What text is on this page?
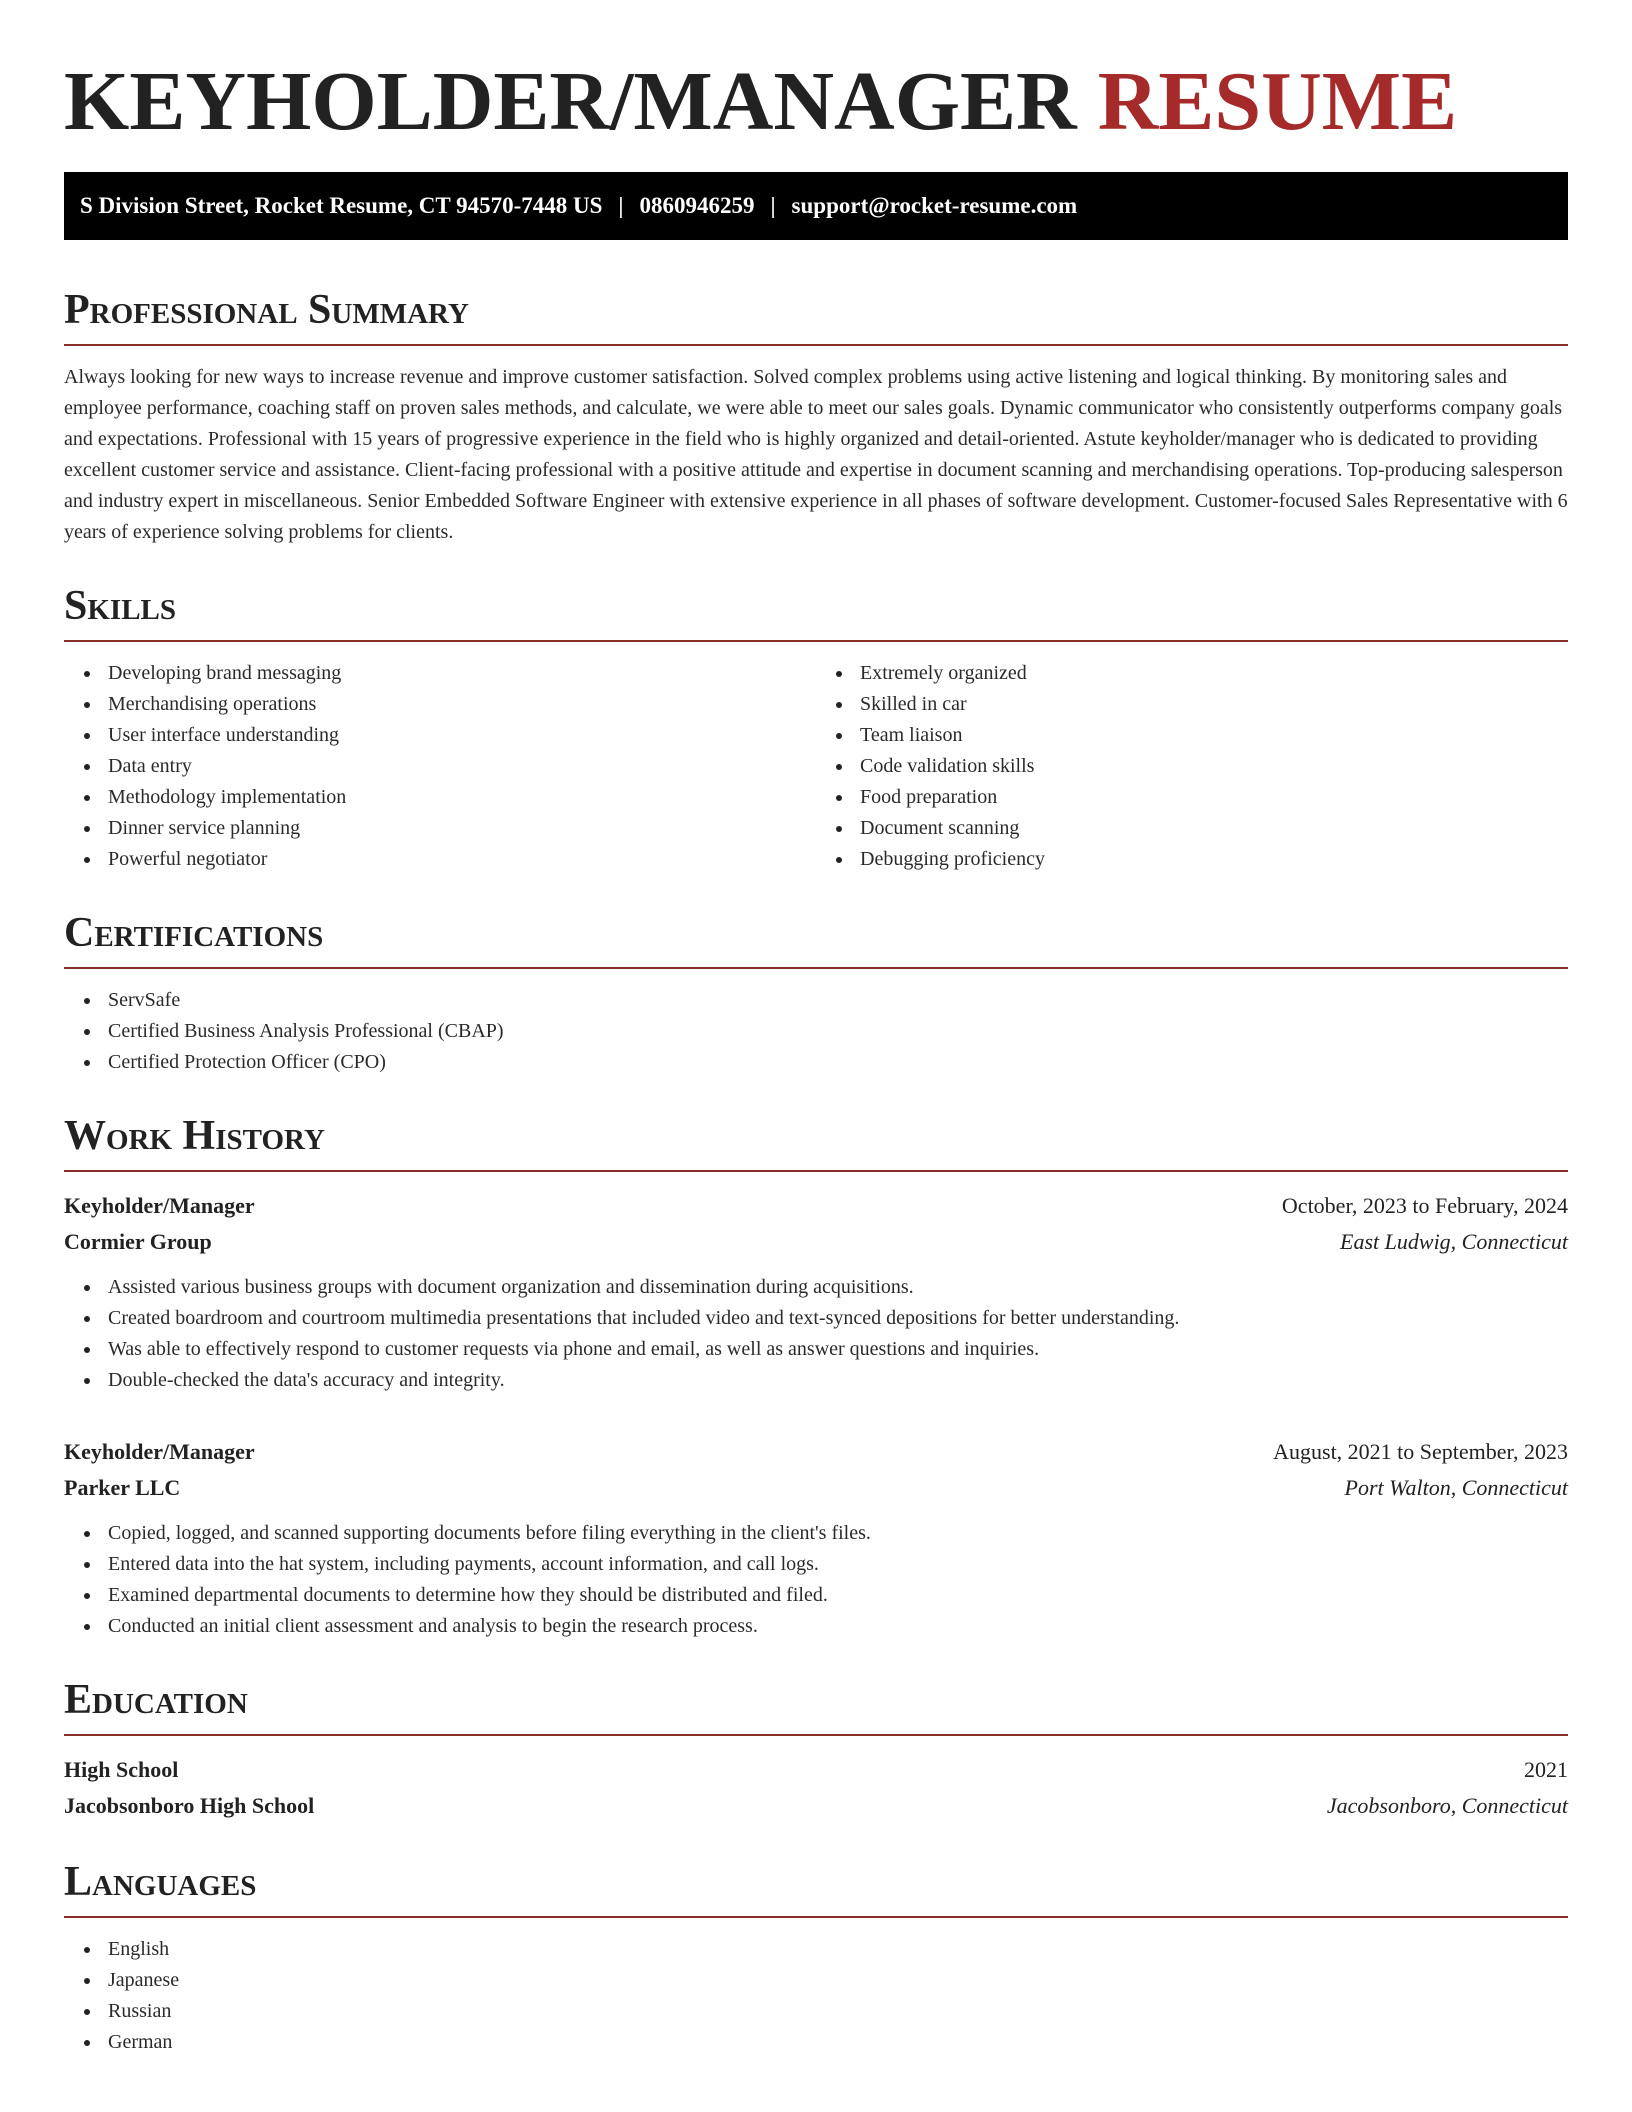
KEYHOLDER/MANAGER RESUME
S Division Street, Rocket Resume, CT 94570-7448 US | 0860946259 | support@rocket-resume.com
Professional Summary

Always looking for new ways to increase revenue and improve customer satisfaction. Solved complex problems using active listening and logical thinking. By monitoring sales and employee performance, coaching staff on proven sales methods, and calculate, we were able to meet our sales goals. Dynamic communicator who consistently outperforms company goals and expectations. Professional with 15 years of progressive experience in the field who is highly organized and detail-oriented. Astute keyholder/manager who is dedicated to providing excellent customer service and assistance. Client-facing professional with a positive attitude and expertise in document scanning and merchandising operations. Top-producing salesperson and industry expert in miscellaneous. Senior Embedded Software Engineer with extensive experience in all phases of software development. Customer-focused Sales Representative with 6 years of experience solving problems for clients.

Skills
Developing brand messaging
Merchandising operations
User interface understanding
Data entry
Methodology implementation
Dinner service planning
Powerful negotiator
Extremely organized
Skilled in car
Team liaison
Code validation skills
Food preparation
Document scanning
Debugging proficiency
Certifications
ServSafe
Certified Business Analysis Professional (CBAP)
Certified Protection Officer (CPO)
Work History
Keyholder/Manager	October, 2023 to February, 2024
Cormier Group	East Ludwig, Connecticut
Assisted various business groups with document organization and dissemination during acquisitions.
Created boardroom and courtroom multimedia presentations that included video and text-synced depositions for better understanding.
Was able to effectively respond to customer requests via phone and email, as well as answer questions and inquiries.
Double-checked the data's accuracy and integrity.
Keyholder/Manager	August, 2021 to September, 2023
Parker LLC	Port Walton, Connecticut
Copied, logged, and scanned supporting documents before filing everything in the client's files.
Entered data into the hat system, including payments, account information, and call logs.
Examined departmental documents to determine how they should be distributed and filed.
Conducted an initial client assessment and analysis to begin the research process.
Education
High School	2021
Jacobsonboro High School	Jacobsonboro, Connecticut
Languages
English
Japanese
Russian
German
